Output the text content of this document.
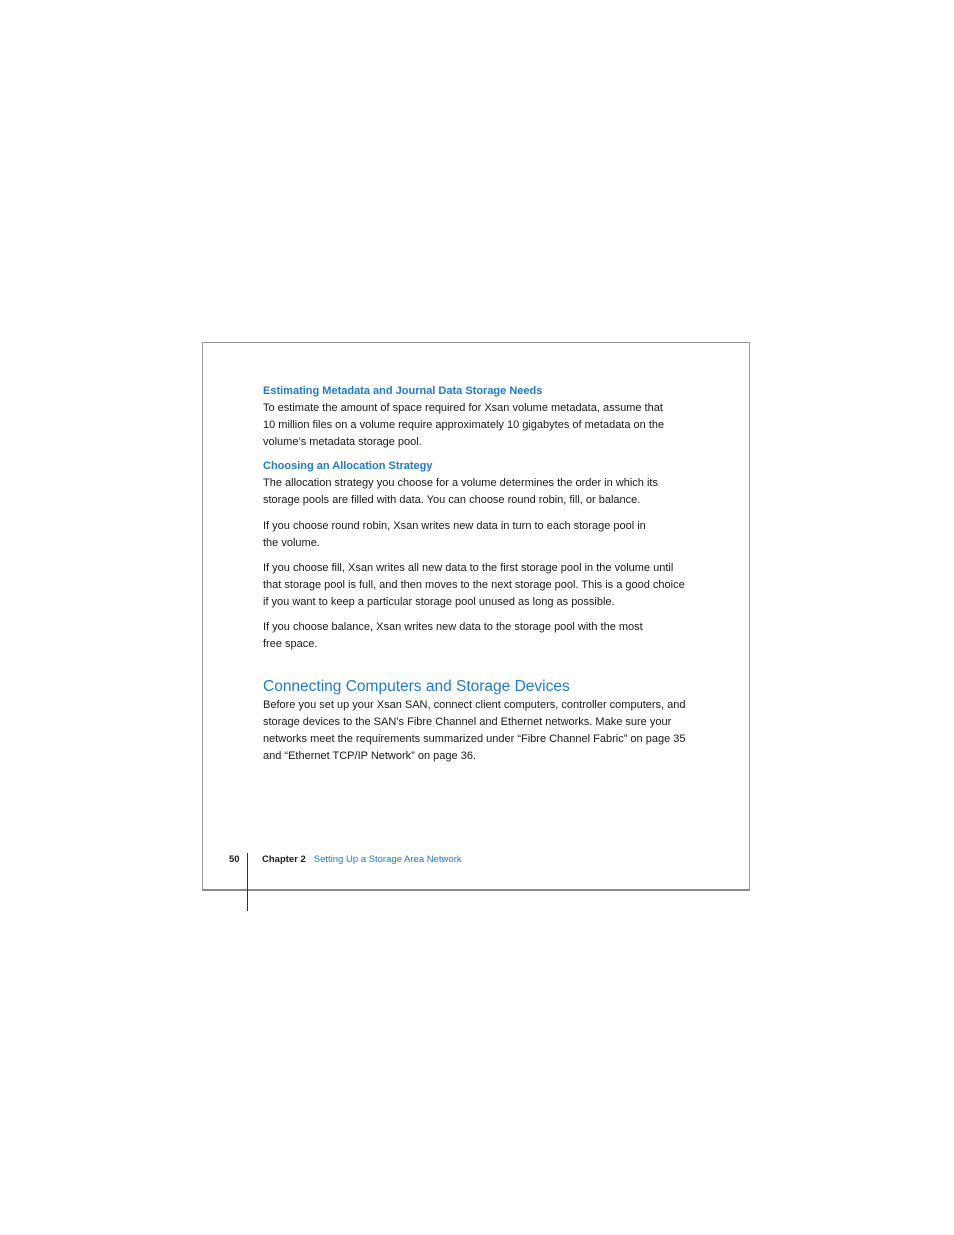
Estimating Metadata and Journal Data Storage Needs
To estimate the amount of space required for Xsan volume metadata, assume that
10 million files on a volume require approximately 10 gigabytes of metadata on the
volume’s metadata storage pool.
Choosing an Allocation Strategy
The allocation strategy you choose for a volume determines the order in which its
storage pools are filled with data. You can choose round robin, fill, or balance.
If you choose round robin, Xsan writes new data in turn to each storage pool in
the volume.
If you choose fill, Xsan writes all new data to the first storage pool in the volume until
that storage pool is full, and then moves to the next storage pool. This is a good choice
if you want to keep a particular storage pool unused as long as possible.
If you choose balance, Xsan writes new data to the storage pool with the most
free space.
Connecting Computers and Storage Devices
Before you set up your Xsan SAN, connect client computers, controller computers, and
storage devices to the SAN’s Fibre Channel and Ethernet networks. Make sure your
networks meet the requirements summarized under “Fibre Channel Fabric” on page 35
and “Ethernet TCP/IP Network” on page 36.
50 Chapter 2 Setting Up a Storage Area Network
